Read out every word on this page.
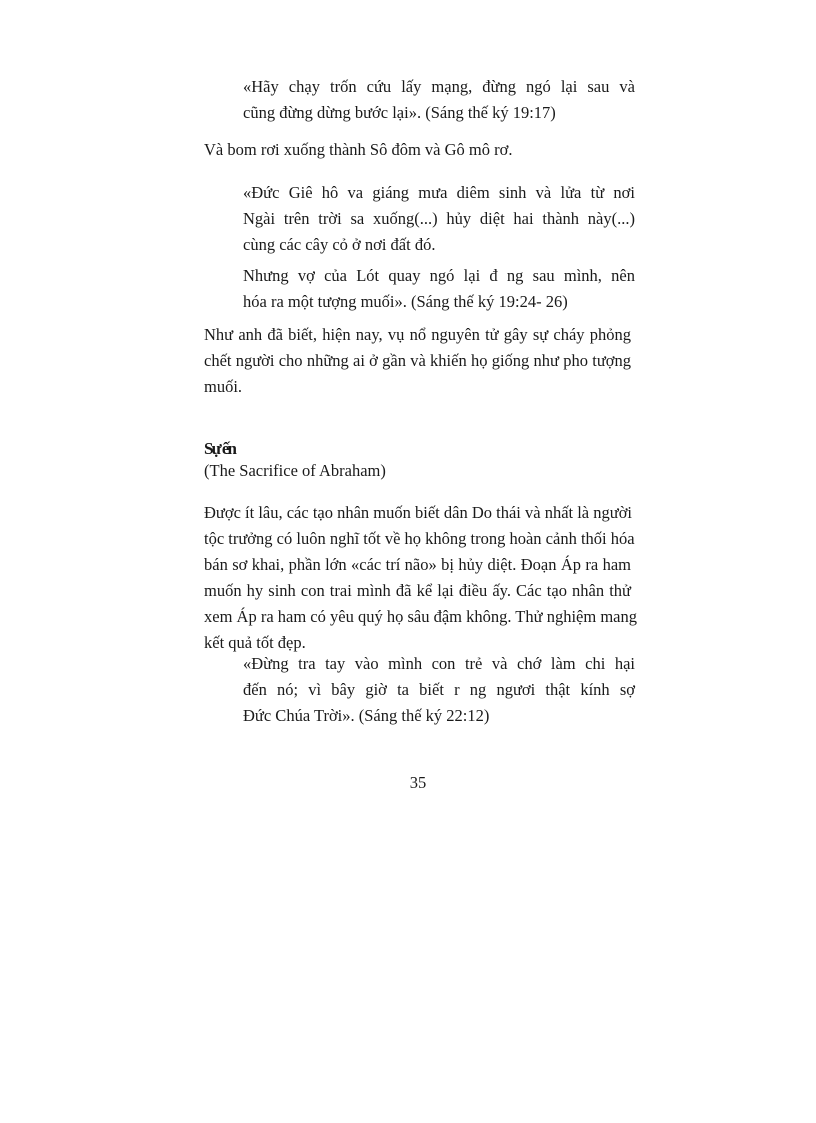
«Hãy chạy trốn cứu lấy mạng, đừng ngó lại sau và
cũng đừng dừng bước lại». (Sáng thế ký 19:17)
Và bom rơi xuống thành Sô đôm và Gô mô rơ.
«Đức Giê hô va giáng mưa diêm sinh và lửa từ nơi
Ngài trên trời sa xuống(...) hủy diệt hai thành này(...)
cùng các cây cỏ ở nơi đất đó.
Nhưng vợ của Lót quay ngó lại đ ng sau mình, nên
hóa ra một tượng muối». (Sáng thế ký 19:24- 26)
Như anh đã biết, hiện nay, vụ nổ nguyên tử gây sự cháy phỏng
chết người cho những ai ở gần và khiến họ giống như pho tượng
muối.
Sự ến
(The Sacrifice of Abraham)
Được ít lâu, các tạo nhân muốn biết dân Do thái và nhất là người
tộc trưởng có luôn nghĩ tốt về họ không trong hoàn cảnh thối hóa
bán sơ khai, phần lớn «các trí não» bị hủy diệt. Đoạn Áp ra ham
muốn hy sinh con trai mình đã kể lại điều ấy. Các tạo nhân thử
xem Áp ra ham có yêu quý họ sâu đậm không. Thử nghiệm mang
kết quả tốt đẹp.
«Đừng tra tay vào mình con trẻ và chớ làm chi hại
đến nó; vì bây giờ ta biết r ng ngươi thật kính sợ
Đức Chúa Trời». (Sáng thế ký 22:12)
35
